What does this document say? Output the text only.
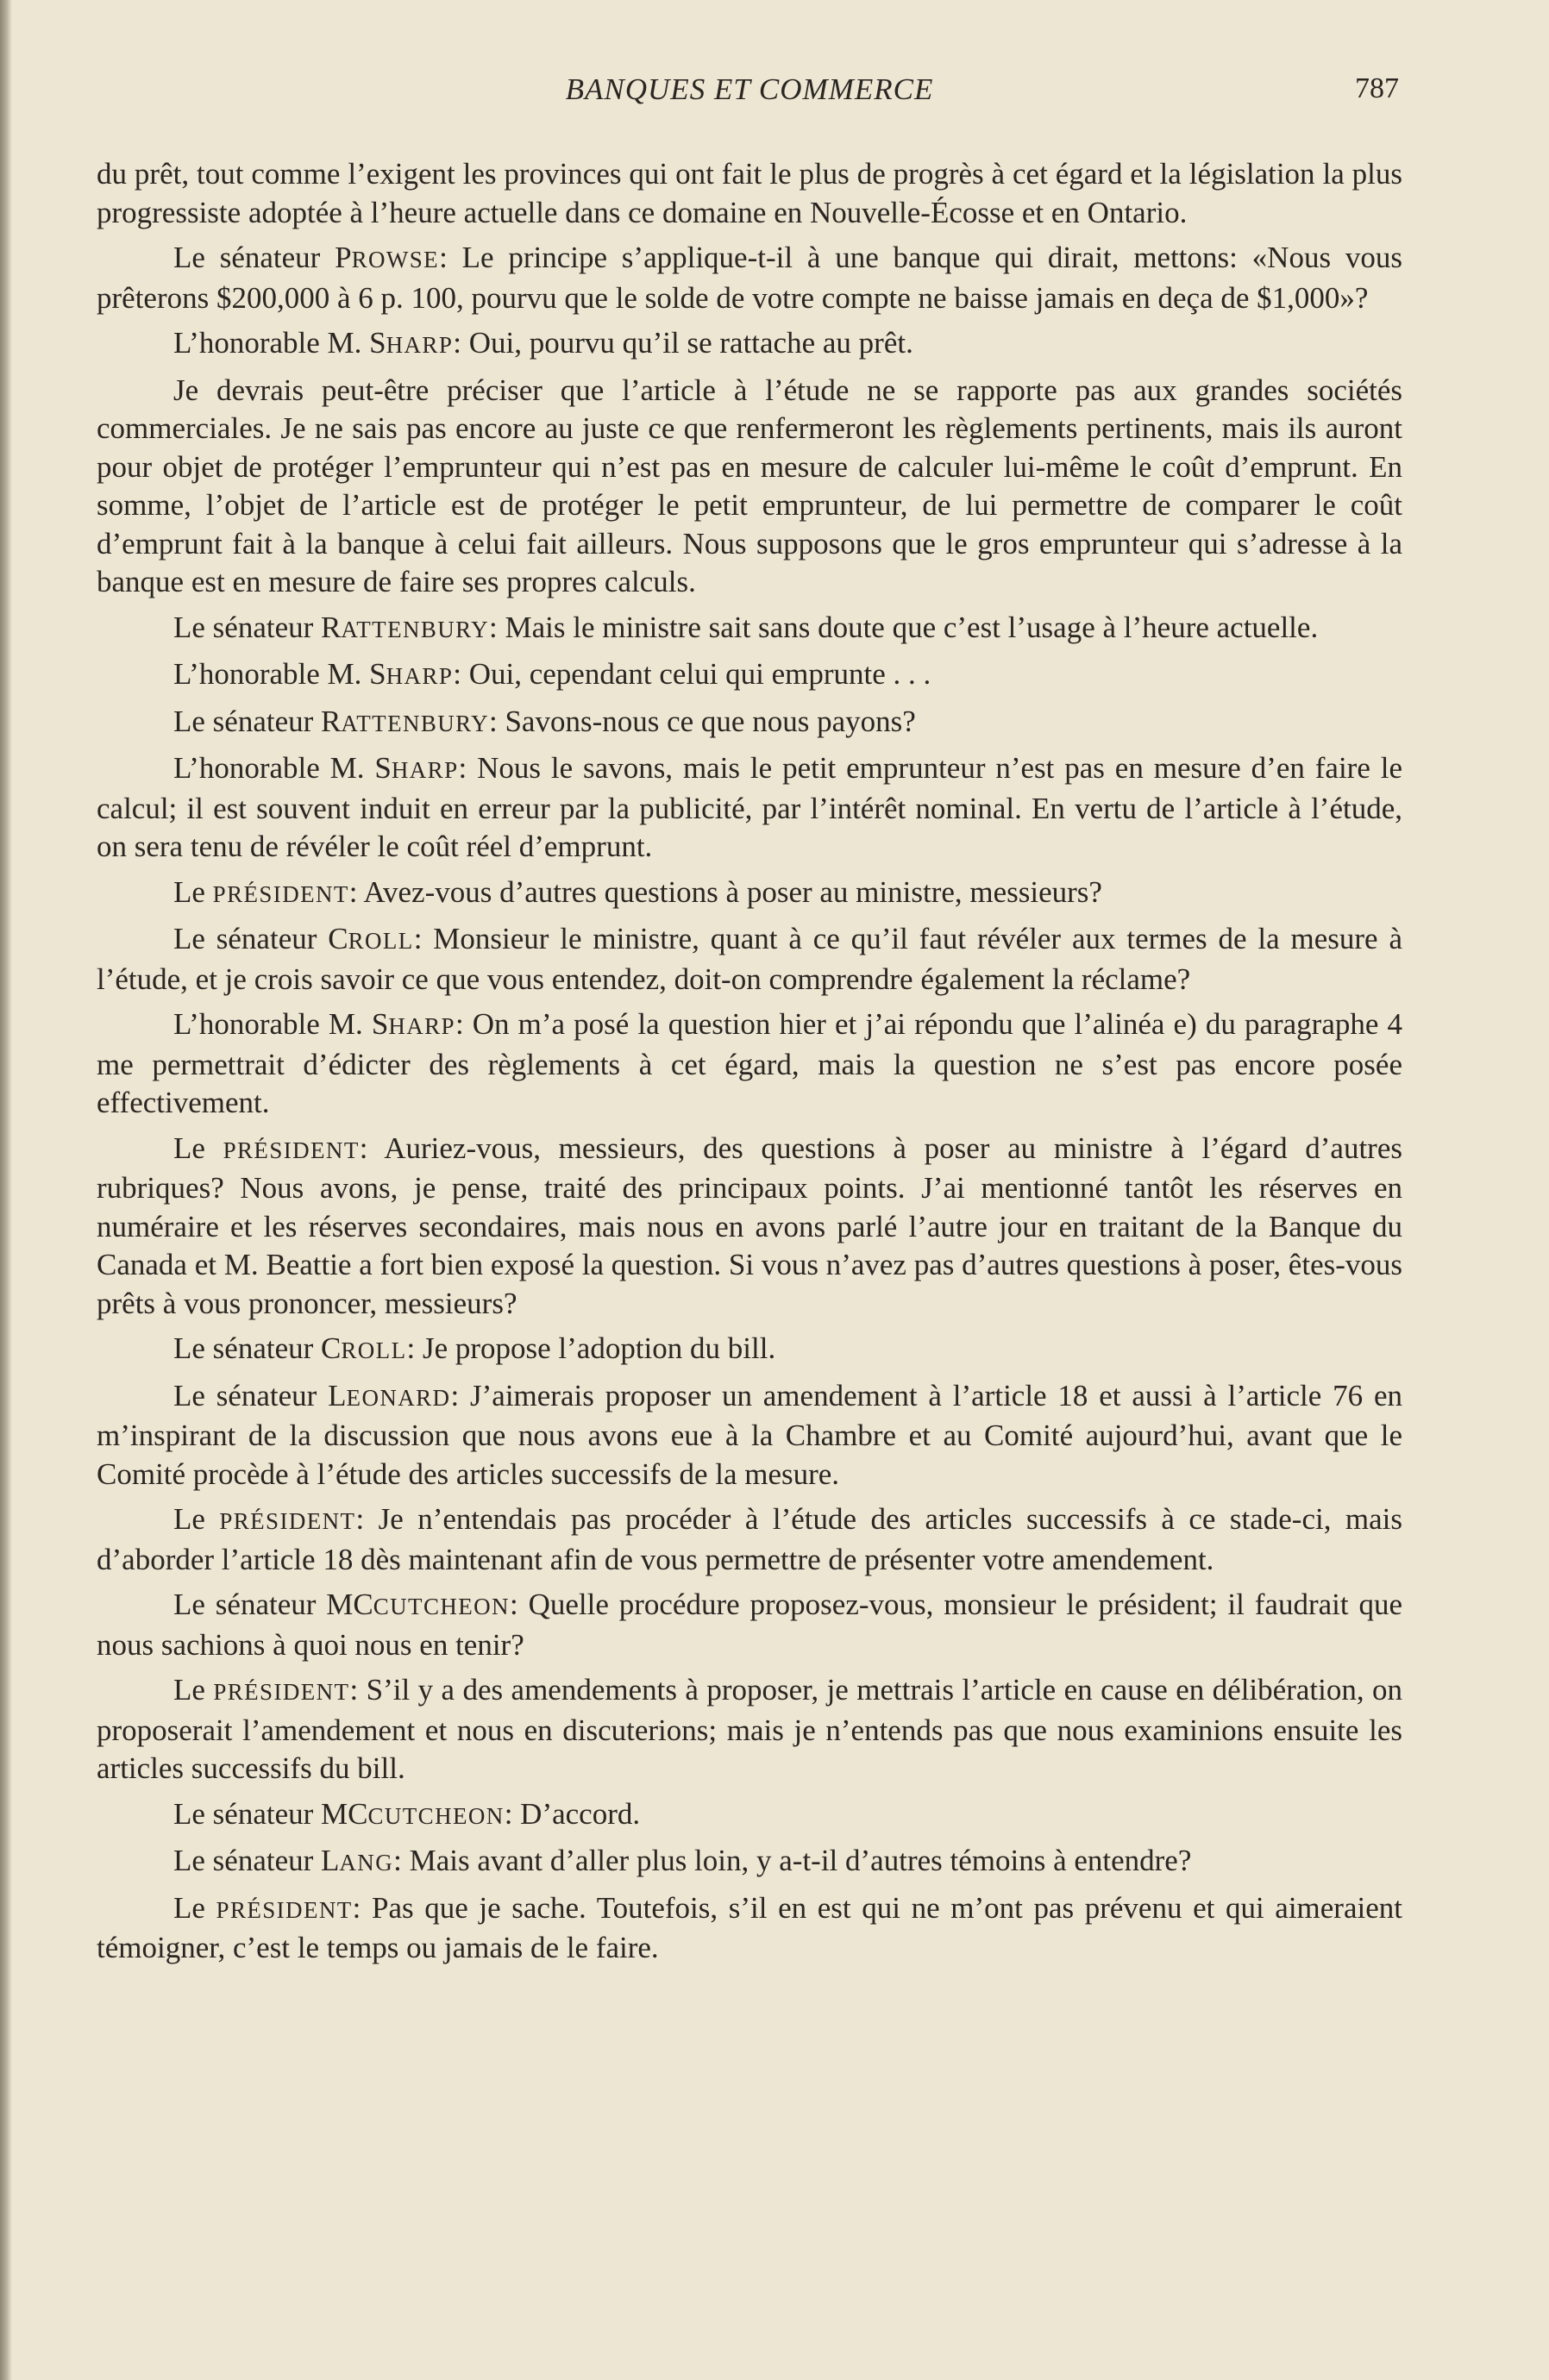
BANQUES ET COMMERCE	787

du prêt, tout comme l’exigent les provinces qui ont fait le plus de progrès à cet égard et la législation la plus progressiste adoptée à l’heure actuelle dans ce domaine en Nouvelle-Écosse et en Ontario.

Le sénateur PROWSE: Le principe s’applique-t-il à une banque qui dirait, mettons: «Nous vous prêterons $200,000 à 6 p. 100, pourvu que le solde de votre compte ne baisse jamais en deça de $1,000»?

L’honorable M. SHARP: Oui, pourvu qu’il se rattache au prêt.

Je devrais peut-être préciser que l’article à l’étude ne se rapporte pas aux grandes sociétés commerciales. Je ne sais pas encore au juste ce que renfermeront les règlements pertinents, mais ils auront pour objet de protéger l’emprunteur qui n’est pas en mesure de calculer lui-même le coût d’emprunt. En somme, l’objet de l’article est de protéger le petit emprunteur, de lui permettre de comparer le coût d’emprunt fait à la banque à celui fait ailleurs. Nous supposons que le gros emprunteur qui s’adresse à la banque est en mesure de faire ses propres calculs.

Le sénateur RATTENBURY: Mais le ministre sait sans doute que c’est l’usage à l’heure actuelle.

L’honorable M. SHARP: Oui, cependant celui qui emprunte . . .

Le sénateur RATTENBURY: Savons-nous ce que nous payons?

L’honorable M. SHARP: Nous le savons, mais le petit emprunteur n’est pas en mesure d’en faire le calcul; il est souvent induit en erreur par la publicité, par l’intérêt nominal. En vertu de l’article à l’étude, on sera tenu de révéler le coût réel d’emprunt.

Le PRÉSIDENT: Avez-vous d’autres questions à poser au ministre, messieurs?

Le sénateur CROLL: Monsieur le ministre, quant à ce qu’il faut révéler aux termes de la mesure à l’étude, et je crois savoir ce que vous entendez, doit-on comprendre également la réclame?

L’honorable M. SHARP: On m’a posé la question hier et j’ai répondu que l’alinéa e) du paragraphe 4 me permettrait d’édicter des règlements à cet égard, mais la question ne s’est pas encore posée effectivement.

Le PRÉSIDENT: Auriez-vous, messieurs, des questions à poser au ministre à l’égard d’autres rubriques? Nous avons, je pense, traité des principaux points. J’ai mentionné tantôt les réserves en numéraire et les réserves secondaires, mais nous en avons parlé l’autre jour en traitant de la Banque du Canada et M. Beattie a fort bien exposé la question. Si vous n’avez pas d’autres questions à poser, êtes-vous prêts à vous prononcer, messieurs?

Le sénateur CROLL: Je propose l’adoption du bill.

Le sénateur LEONARD: J’aimerais proposer un amendement à l’article 18 et aussi à l’article 76 en m’inspirant de la discussion que nous avons eue à la Chambre et au Comité aujourd’hui, avant que le Comité procède à l’étude des articles successifs de la mesure.

Le PRÉSIDENT: Je n’entendais pas procéder à l’étude des articles successifs à ce stade-ci, mais d’aborder l’article 18 dès maintenant afin de vous permettre de présenter votre amendement.

Le sénateur MCCUTCHEON: Quelle procédure proposez-vous, monsieur le président; il faudrait que nous sachions à quoi nous en tenir?

Le PRÉSIDENT: S’il y a des amendements à proposer, je mettrais l’article en cause en délibération, on proposerait l’amendement et nous en discuterions; mais je n’entends pas que nous examinions ensuite les articles successifs du bill.

Le sénateur MCCUTCHEON: D’accord.

Le sénateur LANG: Mais avant d’aller plus loin, y a-t-il d’autres témoins à entendre?

Le PRÉSIDENT: Pas que je sache. Toutefois, s’il en est qui ne m’ont pas prévenu et qui aimeraient témoigner, c’est le temps ou jamais de le faire.
